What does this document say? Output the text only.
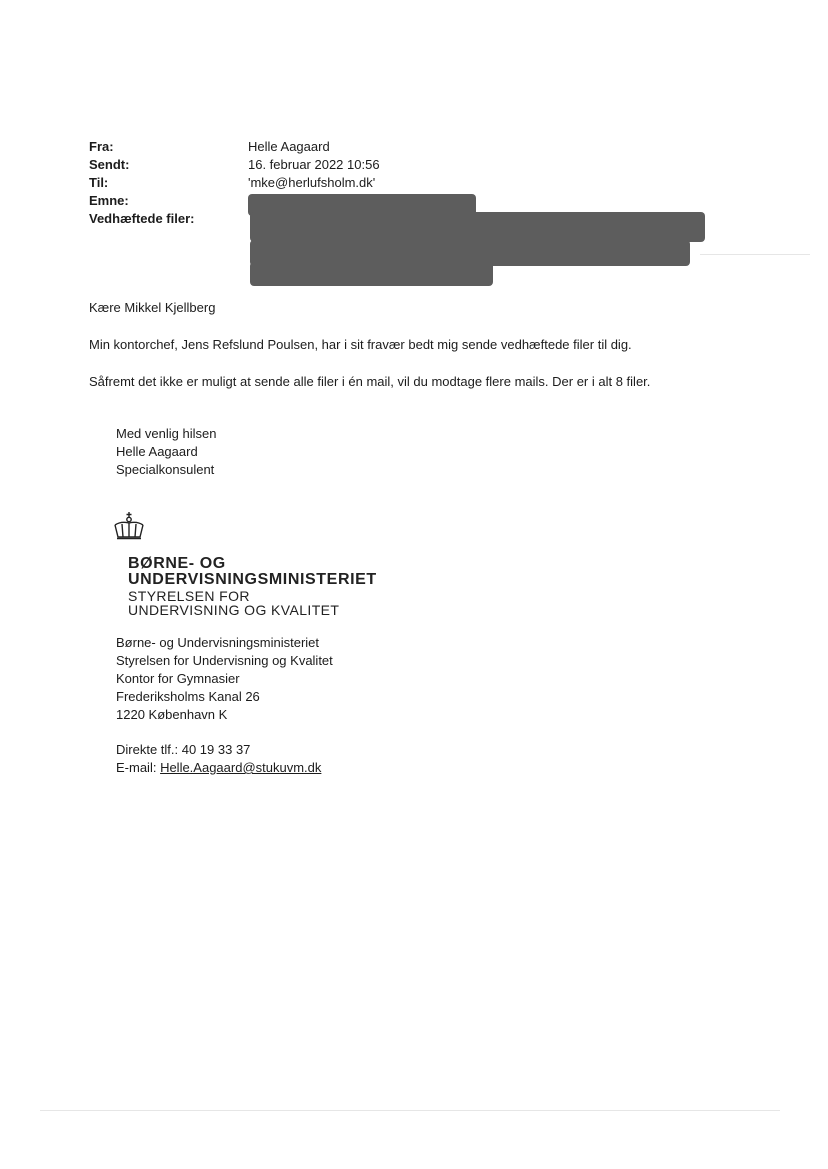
Fra:	Helle Aagaard
Sendt:	16. februar 2022 10:56
Til:	'mke@herlufsholm.dk'
Emne:
Vedhæftede filer:
Kære Mikkel Kjellberg
Min kontorchef, Jens Refslund Poulsen, har i sit fravær bedt mig sende vedhæftede filer til dig.
Såfremt det ikke er muligt at sende alle filer i én mail, vil du modtage flere mails. Der er i alt 8 filer.
Med venlig hilsen
Helle Aagaard
Specialkonsulent
BØRNE- OG
UNDERVISNINGSMINISTERIET
STYRELSEN FOR
UNDERVISNING OG KVALITET
Børne- og Undervisningsministeriet
Styrelsen for Undervisning og Kvalitet
Kontor for Gymnasier
Frederiksholms Kanal 26
1220 København K
Direkte tlf.: 40 19 33 37
E-mail: Helle.Aagaard@stukuvm.dk
